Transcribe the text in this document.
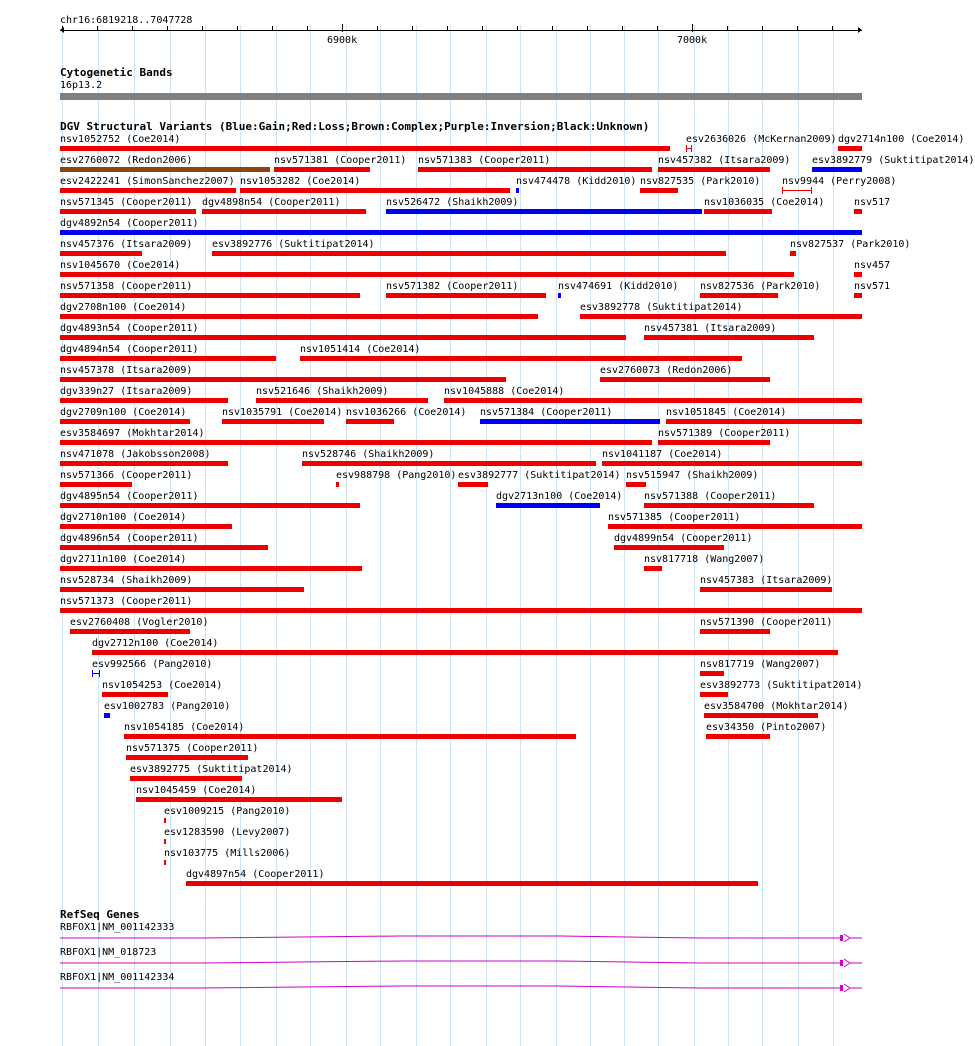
chr16:6819218..7047728
6900k	7000k
Cytogenetic Bands
16p13.2
DGV Structural Variants (Blue:Gain;Red:Loss;Brown:Complex;Purple:Inversion;Black:Unknown)
nsv1052752 (Coe2014)	esv2636026 (McKernan2009) dgv2714n100 (Coe2014)
esv2760072 (Redon2006)	nsv571381 (Cooper2011) nsv571383 (Cooper2011)	nsv457382 (Itsara2009) esv3892779 (Suktitipat2014)
esv2422241 (SimonSanchez2007) nsv1053282 (Coe2014)	nsv474478 (Kidd2010) nsv827535 (Park2010) nsv9944 (Perry2008)
nsv571345 (Cooper2011) dgv4898n54 (Cooper2011)	nsv526472 (Shaikh2009)	nsv1036035 (Coe2014)	nsv517
dgv4892n54 (Cooper2011)
nsv457376 (Itsara2009) esv3892776 (Suktitipat2014)	nsv827537 (Park2010)
nsv1045670 (Coe2014)	nsv457
nsv571358 (Cooper2011)	nsv571382 (Cooper2011)	nsv474691 (Kidd2010) nsv827536 (Park2010)	nsv571
dgv2708n100 (Coe2014)	esv3892778 (Suktitipat2014)
dgv4893n54 (Cooper2011)	nsv457381 (Itsara2009)
dgv4894n54 (Cooper2011)	nsv1051414 (Coe2014)
nsv457378 (Itsara2009)	esv2760073 (Redon2006)
dgv339n27 (Itsara2009)	nsv521646 (Shaikh2009)	nsv1045888 (Coe2014)
dgv2709n100 (Coe2014)	nsv1035791 (Coe2014) nsv1036266 (Coe2014) nsv571384 (Cooper2011)	nsv1051845 (Coe2014)
esv3584697 (Mokhtar2014)	nsv571389 (Cooper2011)
nsv471078 (Jakobsson2008)	nsv528746 (Shaikh2009)	nsv1041187 (Coe2014)
nsv571366 (Cooper2011)	esv988798 (Pang2010) esv3892777 (Suktitipat2014) nsv515947 (Shaikh2009)
dgv4895n54 (Cooper2011)	dgv2713n100 (Coe2014) nsv571388 (Cooper2011)
dgv2710n100 (Coe2014)	nsv571385 (Cooper2011)
dgv4896n54 (Cooper2011)	dgv4899n54 (Cooper2011)
dgv2711n100 (Coe2014)	nsv817718 (Wang2007)
nsv528734 (Shaikh2009)	nsv457383 (Itsara2009)
nsv571373 (Cooper2011)
esv2760408 (Vogler2010)	nsv571390 (Cooper2011)
dgv2712n100 (Coe2014)
esv992566 (Pang2010)	nsv817719 (Wang2007)
nsv1054253 (Coe2014)	esv3892773 (Suktitipat2014)
esv1002783 (Pang2010)	esv3584700 (Mokhtar2014)
nsv1054185 (Coe2014)	esv34350 (Pinto2007)
nsv571375 (Cooper2011)
esv3892775 (Suktitipat2014)
nsv1045459 (Coe2014)
esv1009215 (Pang2010)
esv1283590 (Levy2007)
nsv103775 (Mills2006)
dgv4897n54 (Cooper2011)
RefSeq Genes
RBFOX1|NM_001142333
RBFOX1|NM_018723
RBFOX1|NM_001142334
